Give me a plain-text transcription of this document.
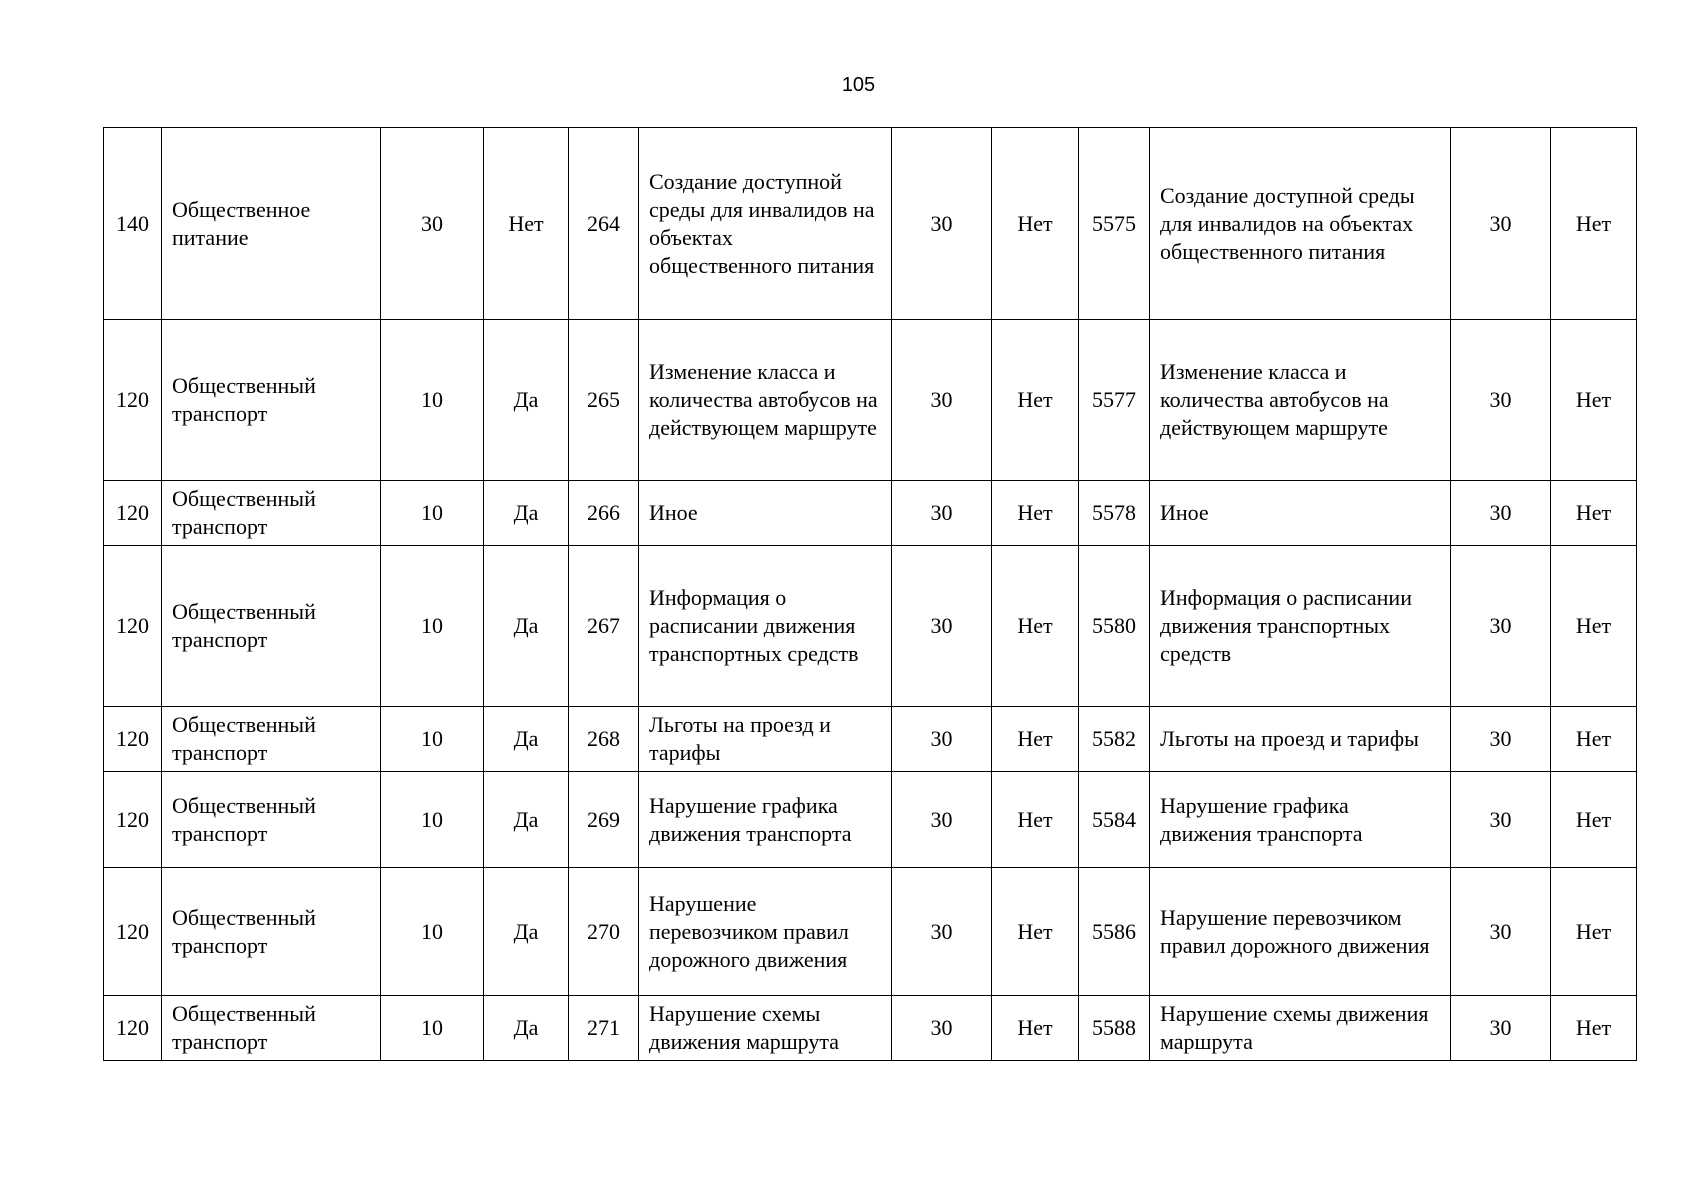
105
140	Общественное питание	30	Нет	264	Создание доступной среды для инвалидов на объектах общественного питания	30	Нет	5575	Создание доступной среды для инвалидов на объектах общественного питания	30	Нет
120	Общественный транспорт	10	Да	265	Изменение класса и количества автобусов на действующем маршруте	30	Нет	5577	Изменение класса и количества автобусов на действующем маршруте	30	Нет
120	Общественный транспорт	10	Да	266	Иное	30	Нет	5578	Иное	30	Нет
120	Общественный транспорт	10	Да	267	Информация о расписании движения транспортных средств	30	Нет	5580	Информация о расписании движения транспортных средств	30	Нет
120	Общественный транспорт	10	Да	268	Льготы на проезд и тарифы	30	Нет	5582	Льготы на проезд и тарифы	30	Нет
120	Общественный транспорт	10	Да	269	Нарушение графика движения транспорта	30	Нет	5584	Нарушение графика движения транспорта	30	Нет
120	Общественный транспорт	10	Да	270	Нарушение перевозчиком правил дорожного движения	30	Нет	5586	Нарушение перевозчиком правил дорожного движения	30	Нет
120	Общественный транспорт	10	Да	271	Нарушение схемы движения маршрута	30	Нет	5588	Нарушение схемы движения маршрута	30	Нет
